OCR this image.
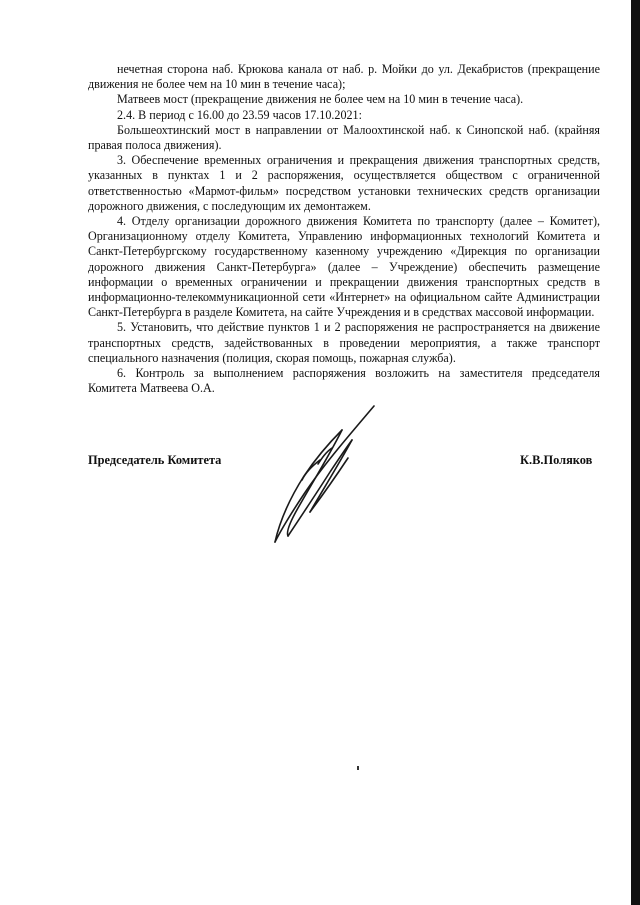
нечетная сторона наб. Крюкова канала от наб. р. Мойки до ул. Декабристов (прекращение движения не более чем на 10 мин в течение часа);

Матвеев мост (прекращение движения не более чем на 10 мин в течение часа).

2.4. В период с 16.00 до 23.59 часов 17.10.2021:

Большеохтинский мост в направлении от Малоохтинской наб. к Синопской наб. (крайняя правая полоса движения).

3. Обеспечение временных ограничения и прекращения движения транспортных средств, указанных в пунктах 1 и 2 распоряжения, осуществляется обществом с ограниченной ответственностью «Мармот-фильм» посредством установки технических средств организации дорожного движения, с последующим их демонтажем.

4. Отделу организации дорожного движения Комитета по транспорту (далее – Комитет), Организационному отделу Комитета, Управлению информационных технологий Комитета и Санкт-Петербургскому государственному казенному учреждению «Дирекция по организации дорожного движения Санкт-Петербурга» (далее – Учреждение) обеспечить размещение информации о временных ограничении и прекращении движения транспортных средств в информационно-телекоммуникационной сети «Интернет» на официальном сайте Администрации Санкт-Петербурга в разделе Комитета, на сайте Учреждения и в средствах массовой информации.

5. Установить, что действие пунктов 1 и 2 распоряжения не распространяется на движение транспортных средств, задействованных в проведении мероприятия, а также транспорт специального назначения (полиция, скорая помощь, пожарная служба).

6. Контроль за выполнением распоряжения возложить на заместителя председателя Комитета Матвеева О.А.

Председатель Комитета	К.В.Поляков
